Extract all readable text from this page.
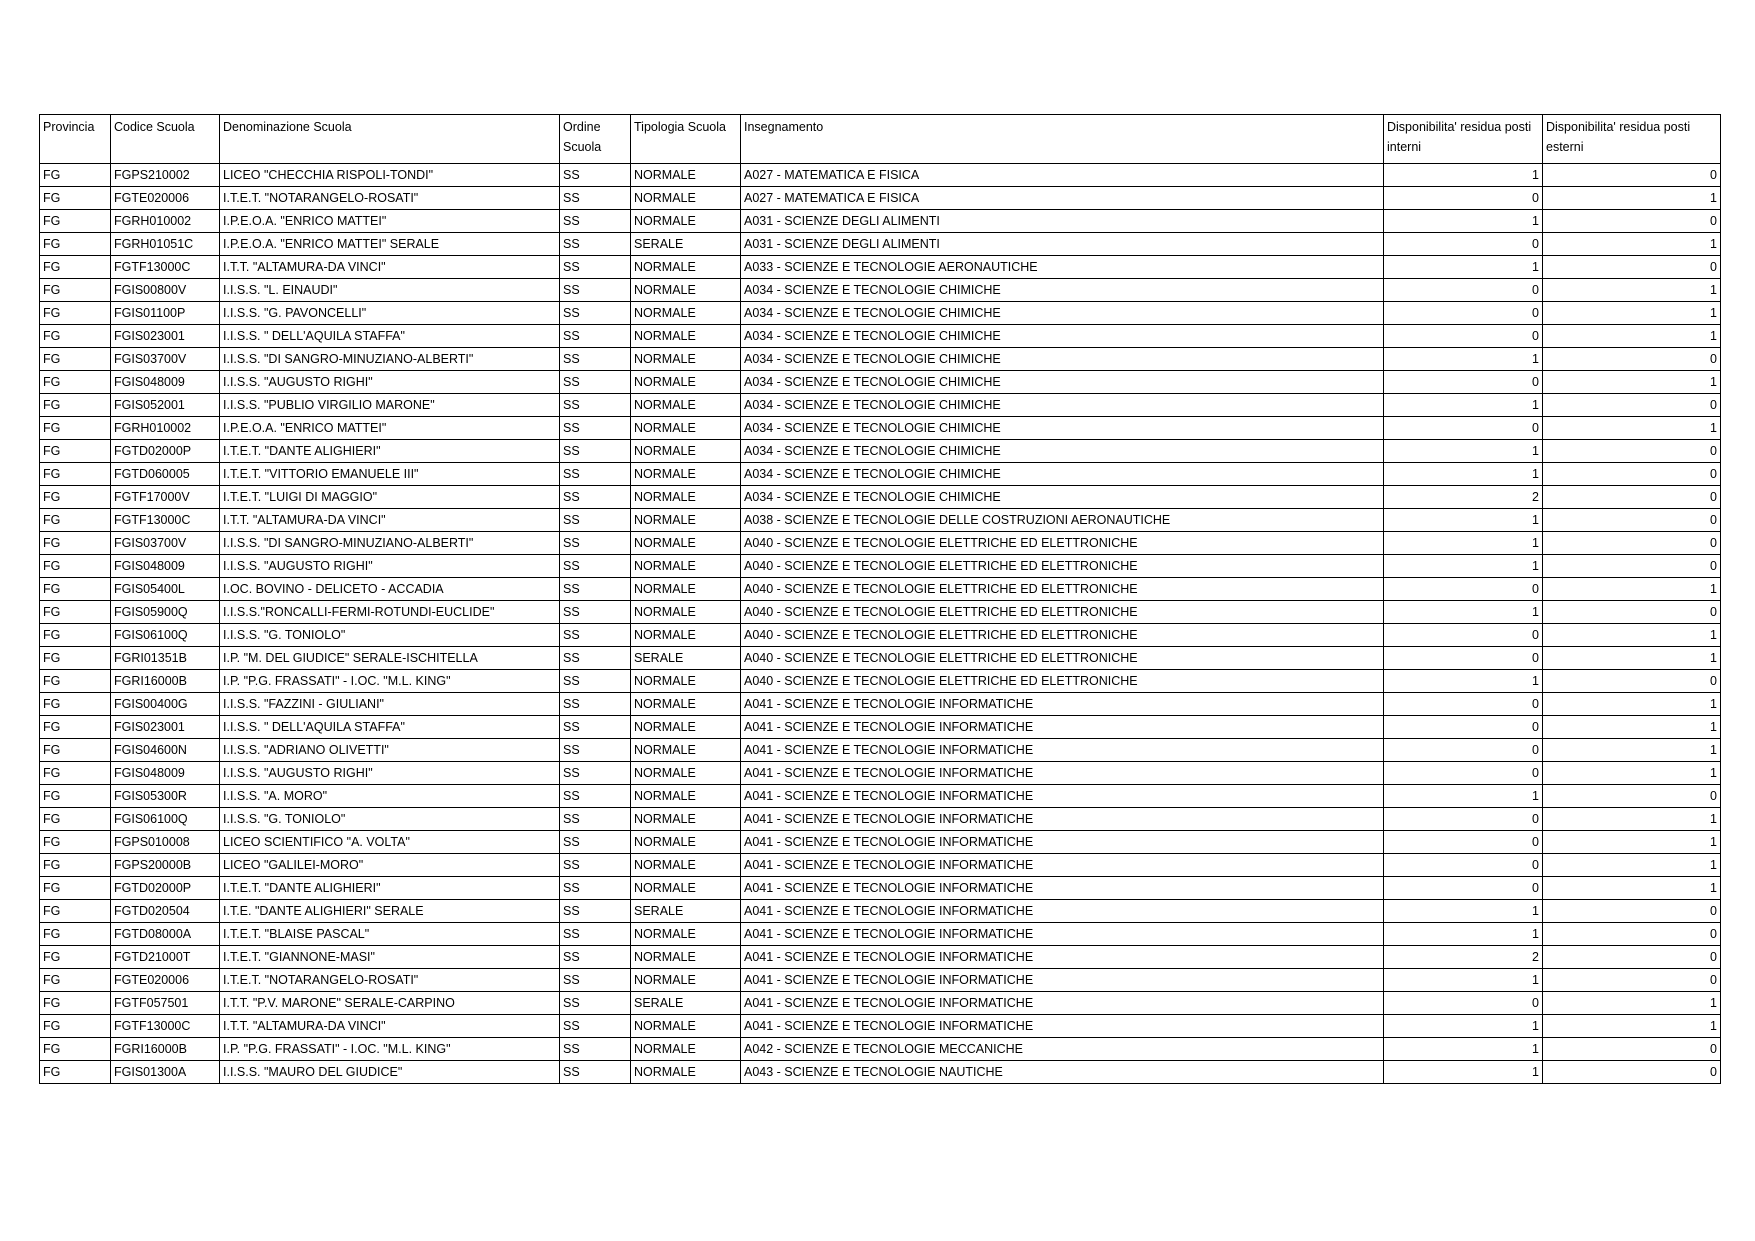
Provincia	Codice Scuola	Denominazione Scuola	Ordine Scuola	Tipologia Scuola	Insegnamento	Disponibilita' residua posti interni	Disponibilita' residua posti esterni
FG	FGPS210002	LICEO "CHECCHIA RISPOLI-TONDI"	SS	NORMALE	A027 - MATEMATICA E FISICA	1	0
FG	FGTE020006	I.T.E.T. "NOTARANGELO-ROSATI"	SS	NORMALE	A027 - MATEMATICA E FISICA	0	1
FG	FGRH010002	I.P.E.O.A. "ENRICO MATTEI"	SS	NORMALE	A031 - SCIENZE DEGLI ALIMENTI	1	0
FG	FGRH01051C	I.P.E.O.A. "ENRICO MATTEI" SERALE	SS	SERALE	A031 - SCIENZE DEGLI ALIMENTI	0	1
FG	FGTF13000C	I.T.T. "ALTAMURA-DA VINCI"	SS	NORMALE	A033 - SCIENZE E TECNOLOGIE AERONAUTICHE	1	0
FG	FGIS00800V	I.I.S.S. "L. EINAUDI"	SS	NORMALE	A034 - SCIENZE E TECNOLOGIE CHIMICHE	0	1
FG	FGIS01100P	I.I.S.S. "G. PAVONCELLI"	SS	NORMALE	A034 - SCIENZE E TECNOLOGIE CHIMICHE	0	1
FG	FGIS023001	I.I.S.S. " DELL'AQUILA STAFFA"	SS	NORMALE	A034 - SCIENZE E TECNOLOGIE CHIMICHE	0	1
FG	FGIS03700V	I.I.S.S. "DI SANGRO-MINUZIANO-ALBERTI"	SS	NORMALE	A034 - SCIENZE E TECNOLOGIE CHIMICHE	1	0
FG	FGIS048009	I.I.S.S. "AUGUSTO RIGHI"	SS	NORMALE	A034 - SCIENZE E TECNOLOGIE CHIMICHE	0	1
FG	FGIS052001	I.I.S.S. "PUBLIO VIRGILIO MARONE"	SS	NORMALE	A034 - SCIENZE E TECNOLOGIE CHIMICHE	1	0
FG	FGRH010002	I.P.E.O.A. "ENRICO MATTEI"	SS	NORMALE	A034 - SCIENZE E TECNOLOGIE CHIMICHE	0	1
FG	FGTD02000P	I.T.E.T. "DANTE ALIGHIERI"	SS	NORMALE	A034 - SCIENZE E TECNOLOGIE CHIMICHE	1	0
FG	FGTD060005	I.T.E.T. "VITTORIO EMANUELE III"	SS	NORMALE	A034 - SCIENZE E TECNOLOGIE CHIMICHE	1	0
FG	FGTF17000V	I.T.E.T. "LUIGI DI MAGGIO"	SS	NORMALE	A034 - SCIENZE E TECNOLOGIE CHIMICHE	2	0
FG	FGTF13000C	I.T.T. "ALTAMURA-DA VINCI"	SS	NORMALE	A038 - SCIENZE E TECNOLOGIE DELLE COSTRUZIONI AERONAUTICHE	1	0
FG	FGIS03700V	I.I.S.S. "DI SANGRO-MINUZIANO-ALBERTI"	SS	NORMALE	A040 - SCIENZE E TECNOLOGIE ELETTRICHE ED ELETTRONICHE	1	0
FG	FGIS048009	I.I.S.S. "AUGUSTO RIGHI"	SS	NORMALE	A040 - SCIENZE E TECNOLOGIE ELETTRICHE ED ELETTRONICHE	1	0
FG	FGIS05400L	I.OC. BOVINO - DELICETO - ACCADIA	SS	NORMALE	A040 - SCIENZE E TECNOLOGIE ELETTRICHE ED ELETTRONICHE	0	1
FG	FGIS05900Q	I.I.S.S."RONCALLI-FERMI-ROTUNDI-EUCLIDE"	SS	NORMALE	A040 - SCIENZE E TECNOLOGIE ELETTRICHE ED ELETTRONICHE	1	0
FG	FGIS06100Q	I.I.S.S. "G. TONIOLO"	SS	NORMALE	A040 - SCIENZE E TECNOLOGIE ELETTRICHE ED ELETTRONICHE	0	1
FG	FGRI01351B	I.P. "M. DEL GIUDICE" SERALE-ISCHITELLA	SS	SERALE	A040 - SCIENZE E TECNOLOGIE ELETTRICHE ED ELETTRONICHE	0	1
FG	FGRI16000B	I.P. "P.G. FRASSATI" - I.OC. "M.L. KING"	SS	NORMALE	A040 - SCIENZE E TECNOLOGIE ELETTRICHE ED ELETTRONICHE	1	0
FG	FGIS00400G	I.I.S.S. "FAZZINI - GIULIANI"	SS	NORMALE	A041 - SCIENZE E TECNOLOGIE INFORMATICHE	0	1
FG	FGIS023001	I.I.S.S. " DELL'AQUILA STAFFA"	SS	NORMALE	A041 - SCIENZE E TECNOLOGIE INFORMATICHE	0	1
FG	FGIS04600N	I.I.S.S. "ADRIANO OLIVETTI"	SS	NORMALE	A041 - SCIENZE E TECNOLOGIE INFORMATICHE	0	1
FG	FGIS048009	I.I.S.S. "AUGUSTO RIGHI"	SS	NORMALE	A041 - SCIENZE E TECNOLOGIE INFORMATICHE	0	1
FG	FGIS05300R	I.I.S.S. "A. MORO"	SS	NORMALE	A041 - SCIENZE E TECNOLOGIE INFORMATICHE	1	0
FG	FGIS06100Q	I.I.S.S. "G. TONIOLO"	SS	NORMALE	A041 - SCIENZE E TECNOLOGIE INFORMATICHE	0	1
FG	FGPS010008	LICEO SCIENTIFICO "A. VOLTA"	SS	NORMALE	A041 - SCIENZE E TECNOLOGIE INFORMATICHE	0	1
FG	FGPS20000B	LICEO "GALILEI-MORO"	SS	NORMALE	A041 - SCIENZE E TECNOLOGIE INFORMATICHE	0	1
FG	FGTD02000P	I.T.E.T. "DANTE ALIGHIERI"	SS	NORMALE	A041 - SCIENZE E TECNOLOGIE INFORMATICHE	0	1
FG	FGTD020504	I.T.E. "DANTE ALIGHIERI" SERALE	SS	SERALE	A041 - SCIENZE E TECNOLOGIE INFORMATICHE	1	0
FG	FGTD08000A	I.T.E.T. "BLAISE PASCAL"	SS	NORMALE	A041 - SCIENZE E TECNOLOGIE INFORMATICHE	1	0
FG	FGTD21000T	I.T.E.T. "GIANNONE-MASI"	SS	NORMALE	A041 - SCIENZE E TECNOLOGIE INFORMATICHE	2	0
FG	FGTE020006	I.T.E.T. "NOTARANGELO-ROSATI"	SS	NORMALE	A041 - SCIENZE E TECNOLOGIE INFORMATICHE	1	0
FG	FGTF057501	I.T.T. "P.V. MARONE" SERALE-CARPINO	SS	SERALE	A041 - SCIENZE E TECNOLOGIE INFORMATICHE	0	1
FG	FGTF13000C	I.T.T. "ALTAMURA-DA VINCI"	SS	NORMALE	A041 - SCIENZE E TECNOLOGIE INFORMATICHE	1	1
FG	FGRI16000B	I.P. "P.G. FRASSATI" - I.OC. "M.L. KING"	SS	NORMALE	A042 - SCIENZE E TECNOLOGIE MECCANICHE	1	0
FG	FGIS01300A	I.I.S.S. "MAURO DEL GIUDICE"	SS	NORMALE	A043 - SCIENZE E TECNOLOGIE NAUTICHE	1	0
